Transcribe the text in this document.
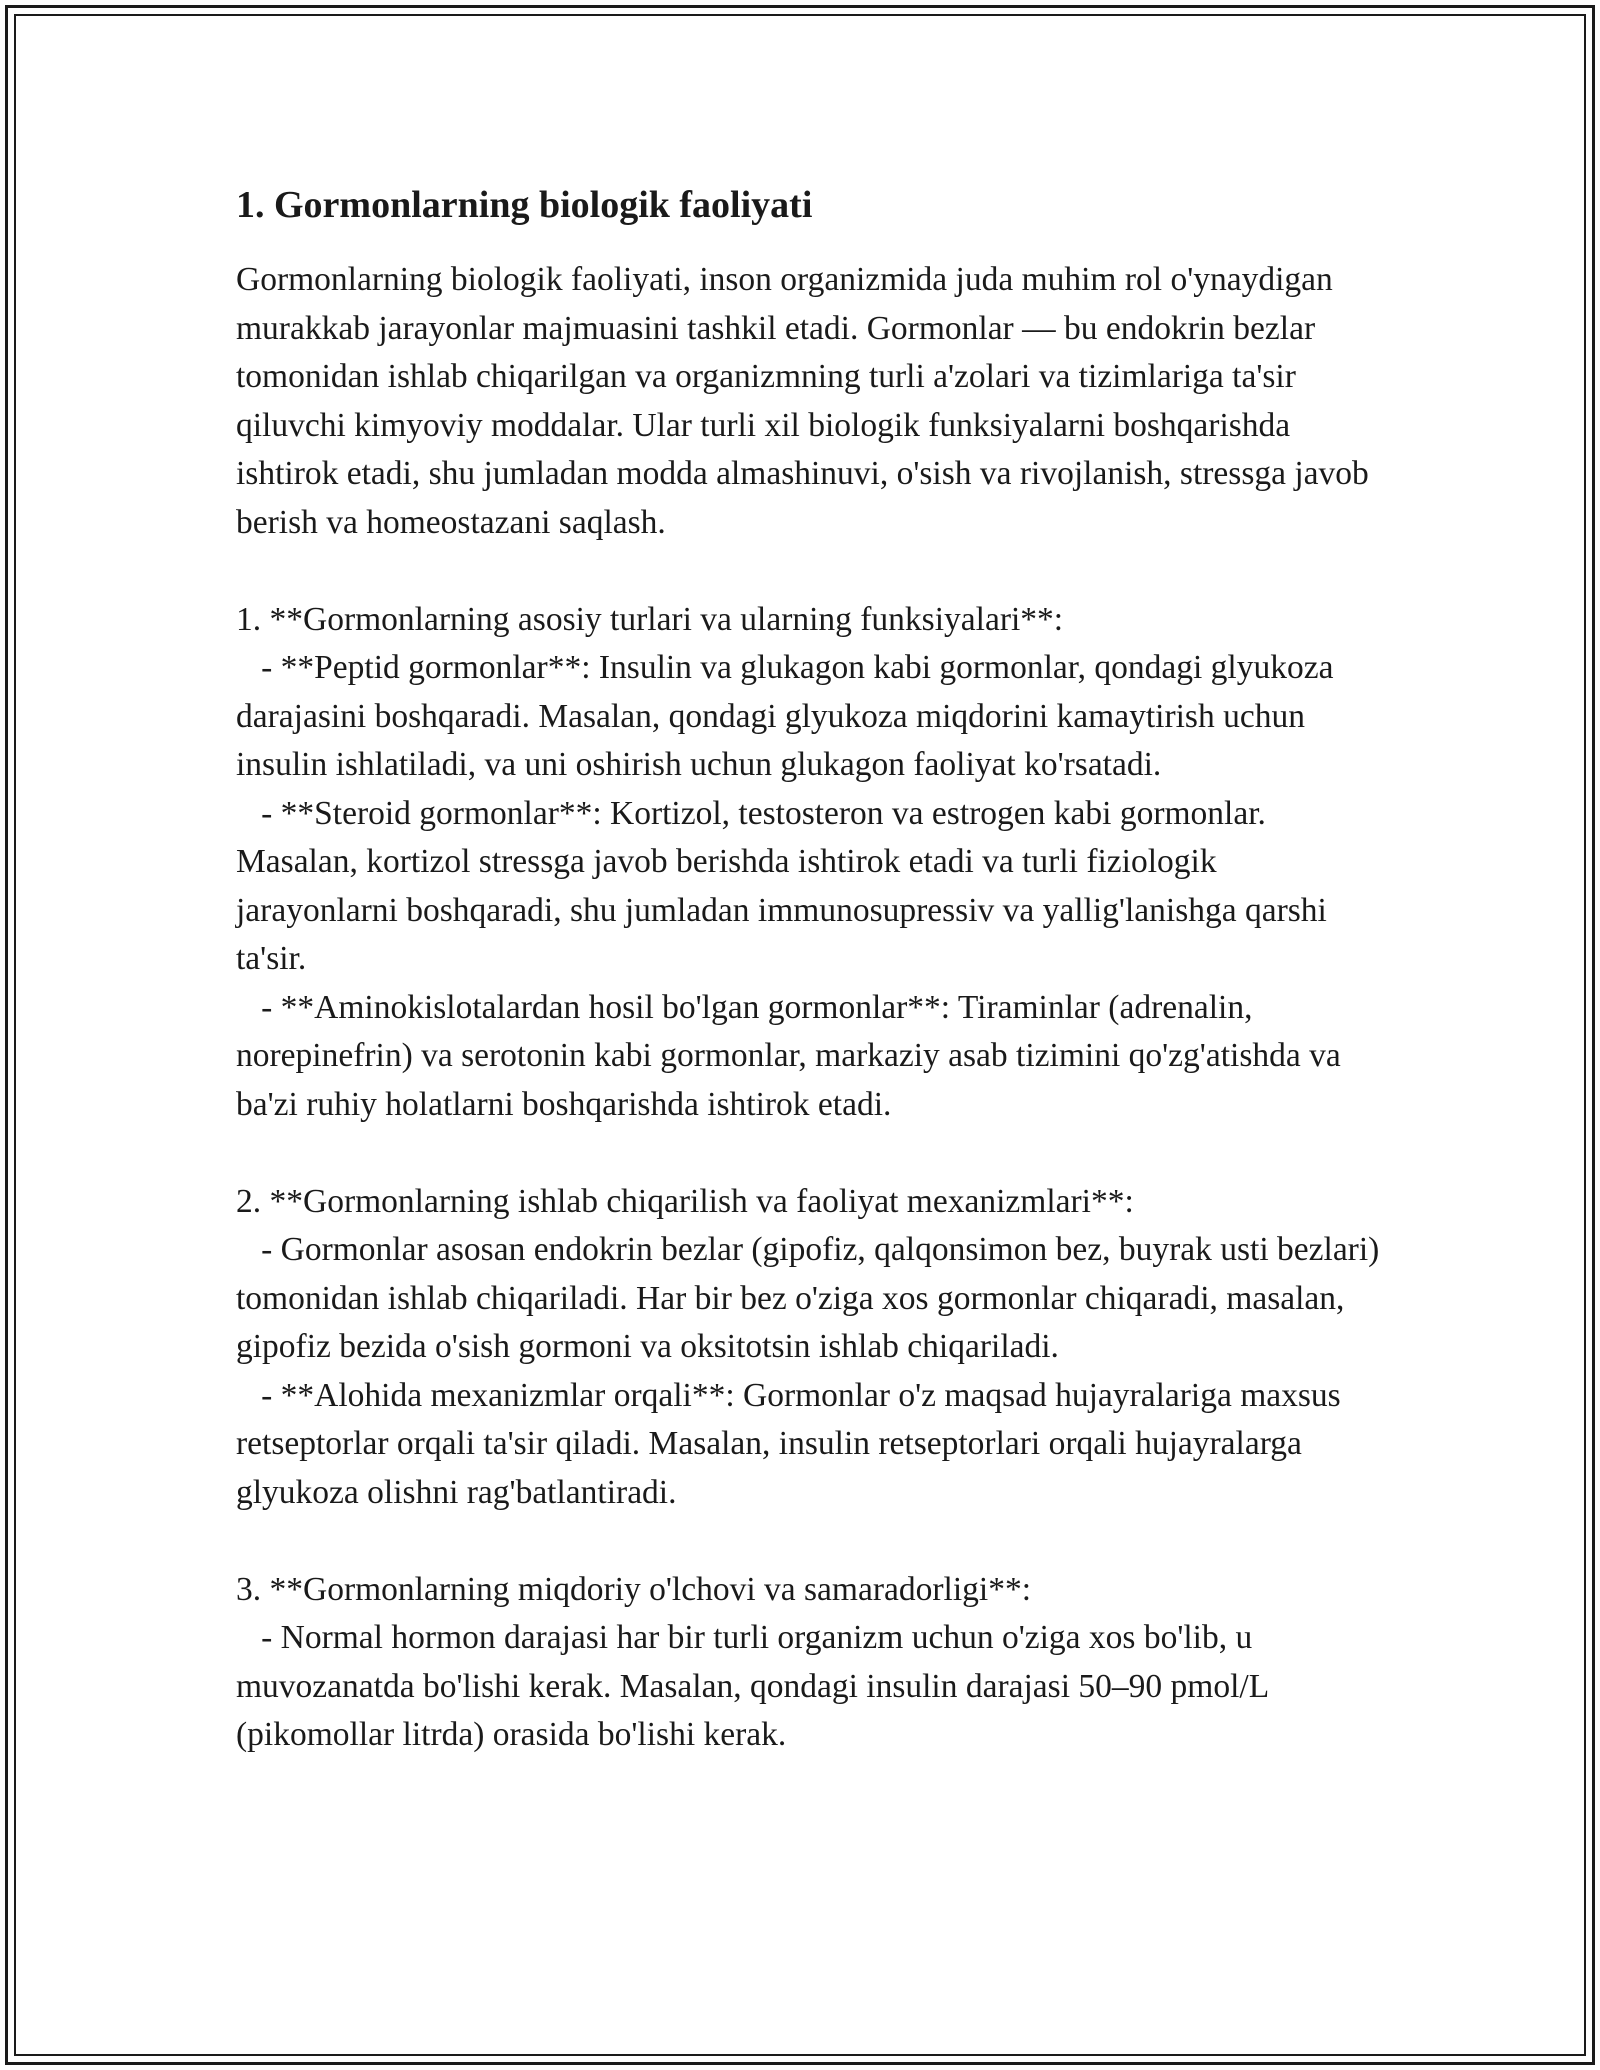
1. Gormonlarning biologik faoliyati

Gormonlarning biologik faoliyati, inson organizmida juda muhim rol o'ynaydigan murakkab jarayonlar majmuasini tashkil etadi. Gormonlar — bu endokrin bezlar tomonidan ishlab chiqarilgan va organizmning turli a'zolari va tizimlariga ta'sir qiluvchi kimyoviy moddalar. Ular turli xil biologik funksiyalarni boshqarishda ishtirok etadi, shu jumladan modda almashinuvi, o'sish va rivojlanish, stressga javob berish va homeostazani saqlash.

1. **Gormonlarning asosiy turlari va ularning funksiyalari**:

- **Peptid gormonlar**: Insulin va glukagon kabi gormonlar, qondagi glyukoza darajasini boshqaradi. Masalan, qondagi glyukoza miqdorini kamaytirish uchun insulin ishlatiladi, va uni oshirish uchun glukagon faoliyat ko'rsatadi.

- **Steroid gormonlar**: Kortizol, testosteron va estrogen kabi gormonlar. Masalan, kortizol stressga javob berishda ishtirok etadi va turli fiziologik jarayonlarni boshqaradi, shu jumladan immunosupressiv va yallig'lanishga qarshi ta'sir.

- **Aminokislotalardan hosil bo'lgan gormonlar**: Tiraminlar (adrenalin, norepinefrin) va serotonin kabi gormonlar, markaziy asab tizimini qo'zg'atishda va ba'zi ruhiy holatlarni boshqarishda ishtirok etadi.

2. **Gormonlarning ishlab chiqarilish va faoliyat mexanizmlari**:

- Gormonlar asosan endokrin bezlar (gipofiz, qalqonsimon bez, buyrak usti bezlari) tomonidan ishlab chiqariladi. Har bir bez o'ziga xos gormonlar chiqaradi, masalan, gipofiz bezida o'sish gormoni va oksitotsin ishlab chiqariladi.

- **Alohida mexanizmlar orqali**: Gormonlar o'z maqsad hujayralariga maxsus retseptorlar orqali ta'sir qiladi. Masalan, insulin retseptorlari orqali hujayralarga glyukoza olishni rag'batlantiradi.

3. **Gormonlarning miqdoriy o'lchovi va samaradorligi**:

- Normal hormon darajasi har bir turli organizm uchun o'ziga xos bo'lib, u muvozanatda bo'lishi kerak. Masalan, qondagi insulin darajasi 50–90 pmol/L (pikomollar litrda) orasida bo'lishi kerak.
